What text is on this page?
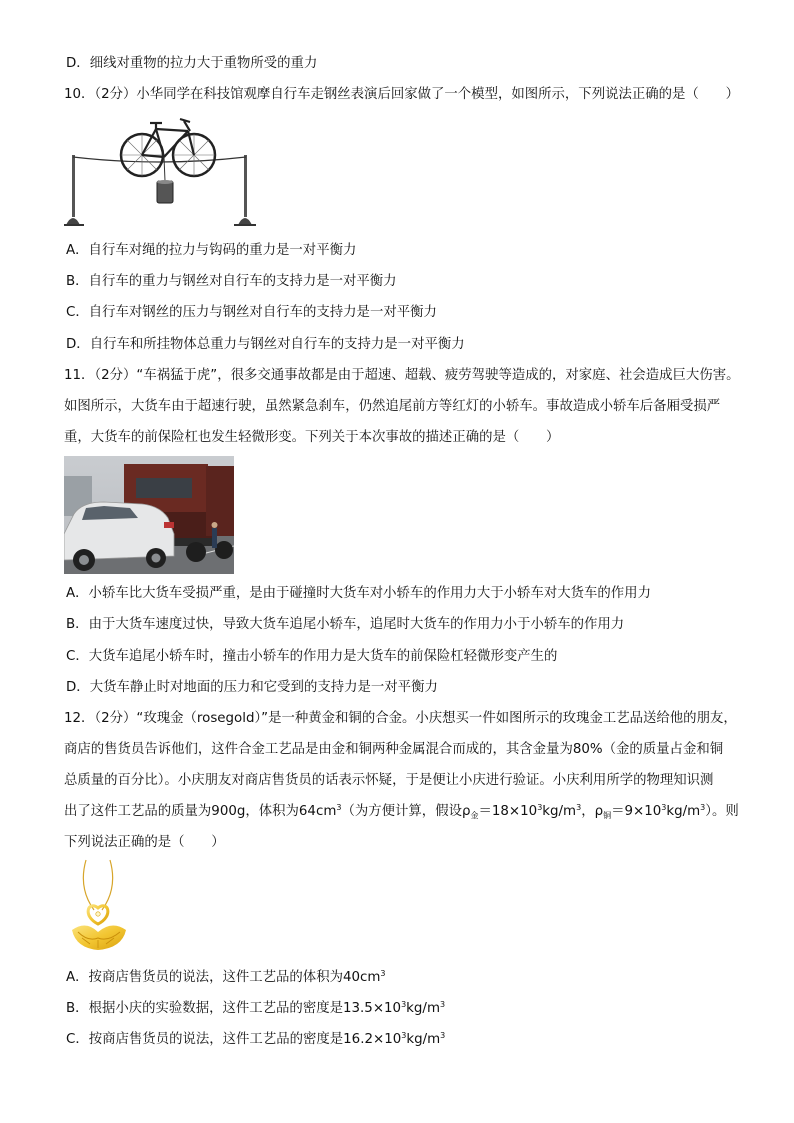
D．细线对重物的拉力大于重物所受的重力
10．（2分）小华同学在科技馆观摩自行车走钢丝表演后回家做了一个模型，如图所示，下列说法正确的是（　　）
A．自行车对绳的拉力与钩码的重力是一对平衡力
B．自行车的重力与钢丝对自行车的支持力是一对平衡力
C．自行车对钢丝的压力与钢丝对自行车的支持力是一对平衡力
D．自行车和所挂物体总重力与钢丝对自行车的支持力是一对平衡力
11．（2分）“车祸猛于虎”，很多交通事故都是由于超速、超载、疲劳驾驶等造成的，对家庭、社会造成巨大伤害。
如图所示，大货车由于超速行驶，虽然紧急刹车，仍然追尾前方等红灯的小轿车。事故造成小轿车后备厢受损严
重，大货车的前保险杠也发生轻微形变。下列关于本次事故的描述正确的是（　　）
A．小轿车比大货车受损严重，是由于碰撞时大货车对小轿车的作用力大于小轿车对大货车的作用力
B．由于大货车速度过快，导致大货车追尾小轿车，追尾时大货车的作用力小于小轿车的作用力
C．大货车追尾小轿车时，撞击小轿车的作用力是大货车的前保险杠轻微形变产生的
D．大货车静止时对地面的压力和它受到的支持力是一对平衡力
12．（2分）“玫瑰金（rosegold）”是一种黄金和铜的合金。小庆想买一件如图所示的玫瑰金工艺品送给他的朋友，
商店的售货员告诉他们，这件合金工艺品是由金和铜两种金属混合而成的，其含金量为80%（金的质量占金和铜
总质量的百分比）。小庆朋友对商店售货员的话表示怀疑，于是便让小庆进行验证。小庆利用所学的物理知识测
出了这件工艺品的质量为900g，体积为$64cm^3$（为方便计算，假设$\rho_金=18\times 10^3kg/m^3$，$\rho_铜=9\times 10^3kg/m^3$）。则
下列说法正确的是（　　）
A．按商店售货员的说法，这件工艺品的体积为$40cm^3$
B．根据小庆的实验数据，这件工艺品的密度是$13.5\times 10^3kg/m^3$
C．按商店售货员的说法，这件工艺品的密度是$16.2\times 10^3kg/m^3$
